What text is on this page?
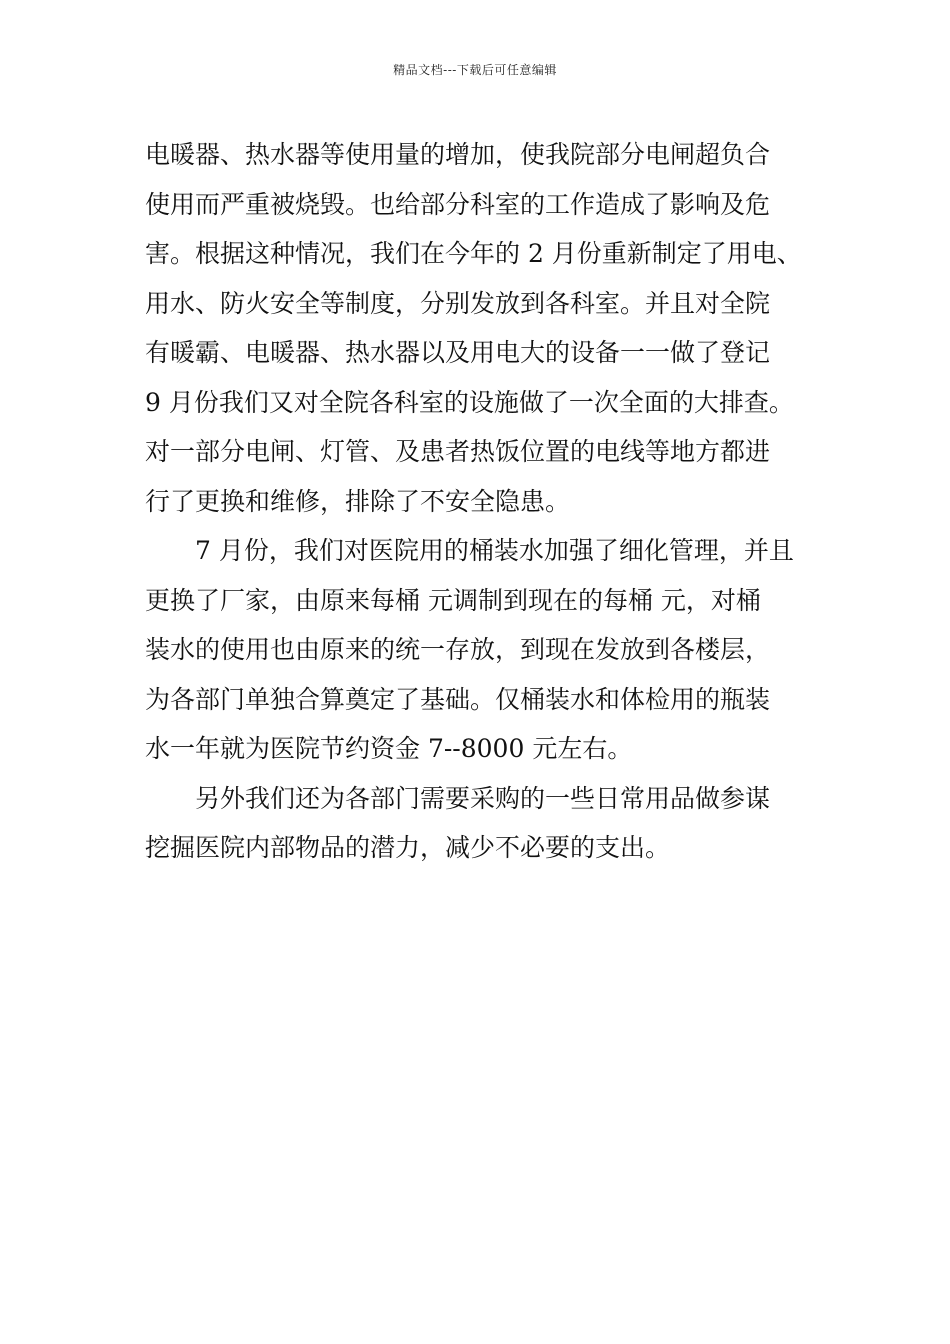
精品文档---下载后可任意编辑
电暖器、热水器等使用量的增加，使我院部分电闸超负合
使用而严重被烧毁。也给部分科室的工作造成了影响及危
害。根据这种情况，我们在今年的 2 月份重新制定了用电、
用水、防火安全等制度，分别发放到各科室。并且对全院
有暖霸、电暖器、热水器以及用电大的设备一一做了登记
9 月份我们又对全院各科室的设施做了一次全面的大排查。
对一部分电闸、灯管、及患者热饭位置的电线等地方都进
行了更换和维修，排除了不安全隐患。
7 月份，我们对医院用的桶装水加强了细化管理，并且
更换了厂家，由原来每桶 元调制到现在的每桶 元，对桶
装水的使用也由原来的统一存放，到现在发放到各楼层，
为各部门单独合算奠定了基础。仅桶装水和体检用的瓶装
水一年就为医院节约资金 7--8000 元左右。
另外我们还为各部门需要采购的一些日常用品做参谋
挖掘医院内部物品的潜力，减少不必要的支出。
